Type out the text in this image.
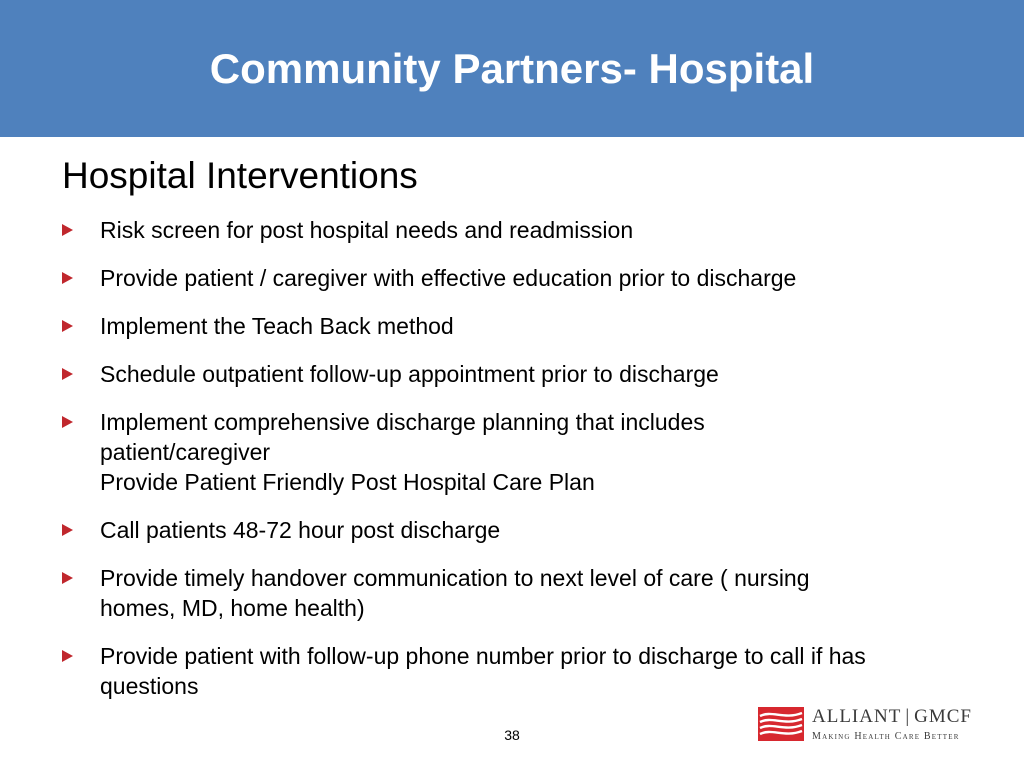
Community Partners- Hospital
Hospital Interventions
Risk screen for post hospital needs and readmission
Provide patient / caregiver with effective education prior to discharge
Implement the Teach Back method
Schedule outpatient follow-up appointment prior to discharge
Implement comprehensive discharge planning that includes
patient/caregiver
Provide Patient Friendly Post Hospital Care Plan
Call patients 48-72 hour post discharge
Provide timely handover communication to next level of care ( nursing
homes, MD, home health)
Provide patient with follow-up phone number prior to discharge to call if has
questions
38
ALLIANT | GMCF
Making Health Care Better
